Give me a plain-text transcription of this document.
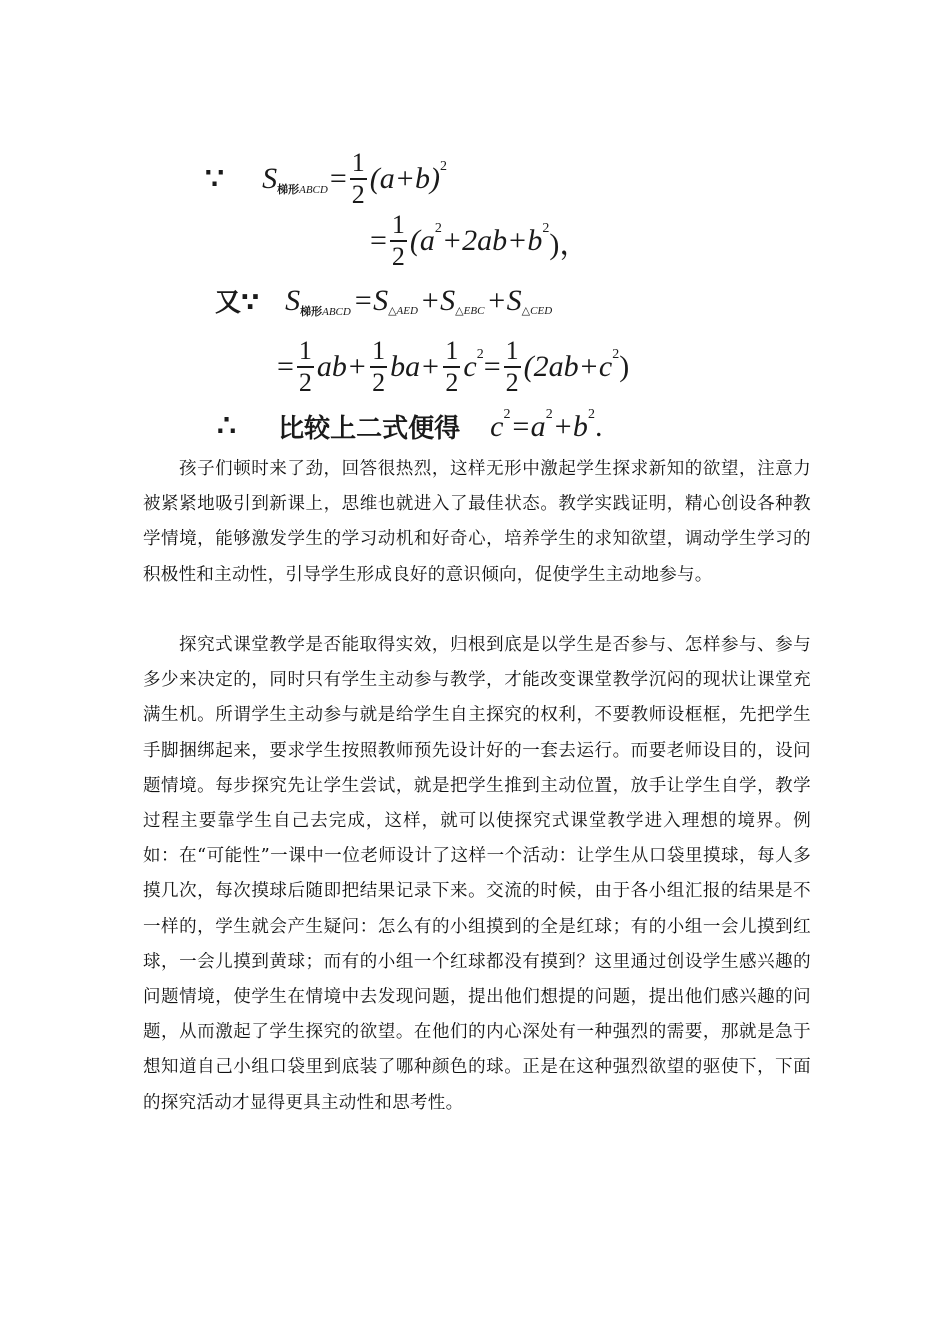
∵ S 梯形ABCD = $\frac{1}{2} (a+b)$ 2
= $\frac{1}{2} (a$ 2 +2ab+b 2 )，
又∵ S 梯形ABCD =S △AED +S △EBC +S △CED
= $\frac{1}{2} ab+ \frac{1}{2} ba+ \frac{1}{2}$ c $2 = \frac{1}{2} (2ab+c$ 2 )
∴ 比较上二式便得 c 2 =a 2 +b 2 .

孩子们顿时来了劲，回答很热烈，这样无形中激起学生探求新知的欲望，注意力被紧紧地吸引到新课上，思维也就进入了最佳状态。教学实践证明，精心创设各种教学情境，能够激发学生的学习动机和好奇心，培养学生的求知欲望，调动学生学习的积极性和主动性，引导学生形成良好的意识倾向，促使学生主动地参与。

探究式课堂教学是否能取得实效，归根到底是以学生是否参与、怎样参与、参与多少来决定的，同时只有学生主动参与教学，才能改变课堂教学沉闷的现状让课堂充满生机。所谓学生主动参与就是给学生自主探究的权利，不要教师设框框，先把学生手脚捆绑起来，要求学生按照教师预先设计好的一套去运行。而要老师设目的，设问题情境。每步探究先让学生尝试，就是把学生推到主动位置，放手让学生自学，教学过程主要靠学生自己去完成，这样，就可以使探究式课堂教学进入理想的境界。例如：在“可能性”一课中一位老师设计了这样一个活动：让学生从口袋里摸球，每人多摸几次，每次摸球后随即把结果记录下来。交流的时候，由于各小组汇报的结果是不一样的，学生就会产生疑问：怎么有的小组摸到的全是红球；有的小组一会儿摸到红球，一会儿摸到黄球；而有的小组一个红球都没有摸到？这里通过创设学生感兴趣的问题情境，使学生在情境中去发现问题，提出他们想提的问题，提出他们感兴趣的问题，从而激起了学生探究的欲望。在他们的内心深处有一种强烈的需要，那就是急于想知道自己小组口袋里到底装了哪种颜色的球。正是在这种强烈欲望的驱使下，下面的探究活动才显得更具主动性和思考性。
